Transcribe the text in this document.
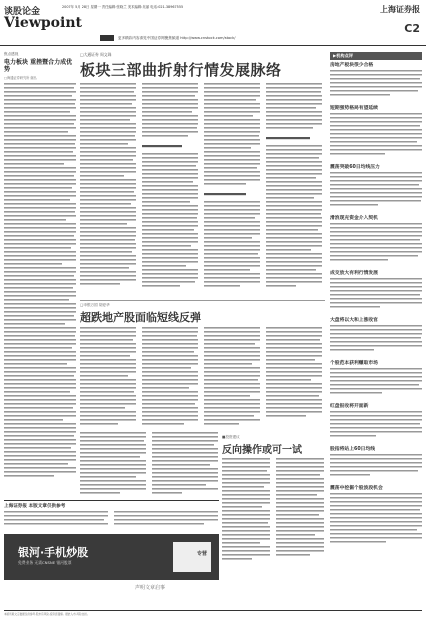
谈股论金
Viewpoint
2007年 5月 28日 星期一 责任编辑:张晓兰 美术编辑:吴丽 电话:021-38967555	上海证券报
C2
更多精彩内容请见中国证券网聚焦频道 http://www.cnstock.com/stock/
焦点透视
电力板块 重挫暨合力成优势
□海通证券研究所 谢丛
□大通证券 周文珠
板块三部曲折射行情发展脉络
▶机构点评
房地产板块很少合格
短期强势格局有望延续
震荡突破60日均线压力
滑浪现充资金介入契机
成交放大有利行情发展
大盘将以大和上涨收官
个股范本获利赚取市场
红盘报收将开面新
股指将站上60日均线
震荡中挖掘个股波段机会
□申银万国 胡爱华
超跌地产股面临短线反弹
■投资建议
反向操作或可一试
上海证券报 本版文章仅供参考
银河·手机炒股
免费业务 无需CNSNE 银河股票
专营
声明文章启事
本版所载文章数据仅供参考,股市有风险,投资需谨慎。据此入市,风险自担。
